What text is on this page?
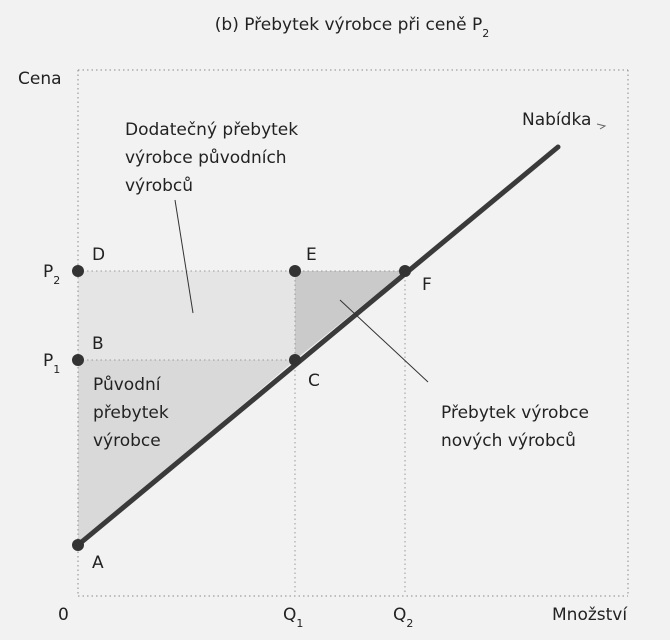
(b) Přebytek výrobce při ceně $P_2$
Cena
Množství
0
$P_2$
$P_1$
$Q_1$	$Q_2$
D
B
A
E
C
F
Nabídka
Dodatečný přebytek
výrobce původních
výrobců
Původní
přebytek
výrobce
Přebytek výrobce
nových výrobců
